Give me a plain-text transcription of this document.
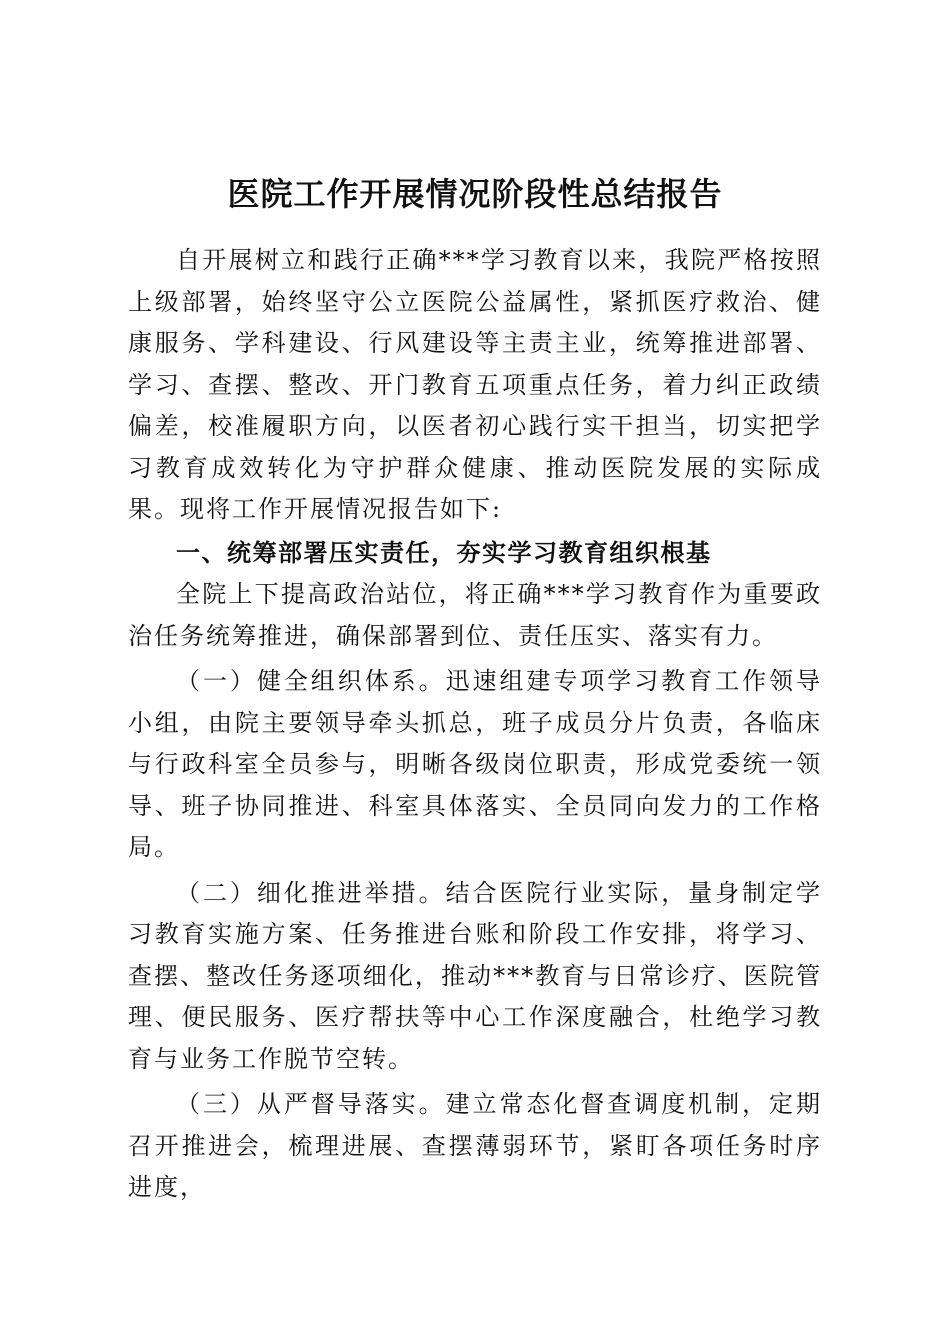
医院工作开展情况阶段性总结报告

自开展树立和践行正确***学习教育以来，我院严格按照上级部署，始终坚守公立医院公益属性，紧抓医疗救治、健康服务、学科建设、行风建设等主责主业，统筹推进部署、学习、查摆、整改、开门教育五项重点任务，着力纠正政绩偏差，校准履职方向，以医者初心践行实干担当，切实把学习教育成效转化为守护群众健康、推动医院发展的实际成果。现将工作开展情况报告如下:

一、统筹部署压实责任，夯实学习教育组织根基

全院上下提高政治站位，将正确***学习教育作为重要政治任务统筹推进，确保部署到位、责任压实、落实有力。

（一）健全组织体系。迅速组建专项学习教育工作领导小组，由院主要领导牵头抓总，班子成员分片负责，各临床与行政科室全员参与，明晰各级岗位职责，形成党委统一领导、班子协同推进、科室具体落实、全员同向发力的工作格局。

（二）细化推进举措。结合医院行业实际，量身制定学习教育实施方案、任务推进台账和阶段工作安排，将学习、查摆、整改任务逐项细化，推动***教育与日常诊疗、医院管理、便民服务、医疗帮扶等中心工作深度融合，杜绝学习教育与业务工作脱节空转。

（三）从严督导落实。建立常态化督查调度机制，定期召开推进会，梳理进展、查摆薄弱环节，紧盯各项任务时序进度，
